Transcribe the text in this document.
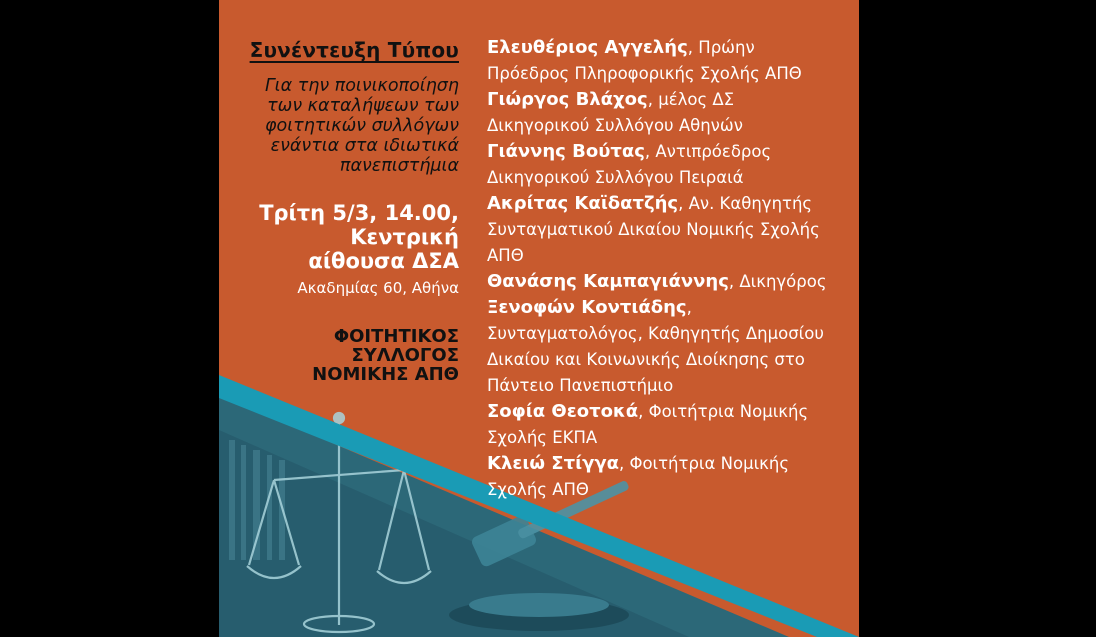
Συνέντευξη Τύπου
Για την ποινικοποίηση
των καταλήψεων των
φοιτητικών συλλόγων
ενάντια στα ιδιωτικά
πανεπιστήμια
Τρίτη 5/3, 14.00,
Κεντρική
αίθουσα ΔΣΑ
Ακαδημίας 60, Αθήνα
ΦΟΙΤΗΤΙΚΟΣ
ΣΥΛΛΟΓΟΣ
ΝΟΜΙΚΗΣ ΑΠΘ

Ελευθέριος Αγγελής, Πρώην Πρόεδρος Πληροφορικής Σχολής ΑΠΘ

Γιώργος Βλάχος, μέλος ΔΣ Δικηγορικού Συλλόγου Αθηνών

Γιάννης Βούτας, Αντιπρόεδρος Δικηγορικού Συλλόγου Πειραιά

Ακρίτας Καϊδατζής, Αν. Καθηγητής Συνταγματικού Δικαίου Νομικής Σχολής ΑΠΘ

Θανάσης Καμπαγιάννης, Δικηγόρος

Ξενοφών Κοντιάδης, Συνταγματολόγος, Καθηγητής Δημοσίου Δικαίου και Κοινωνικής Διοίκησης στο Πάντειο Πανεπιστήμιο

Σοφία Θεοτοκά, Φοιτήτρια Νομικής Σχολής ΕΚΠΑ

Κλειώ Στίγγα, Φοιτήτρια Νομικής Σχολής ΑΠΘ
